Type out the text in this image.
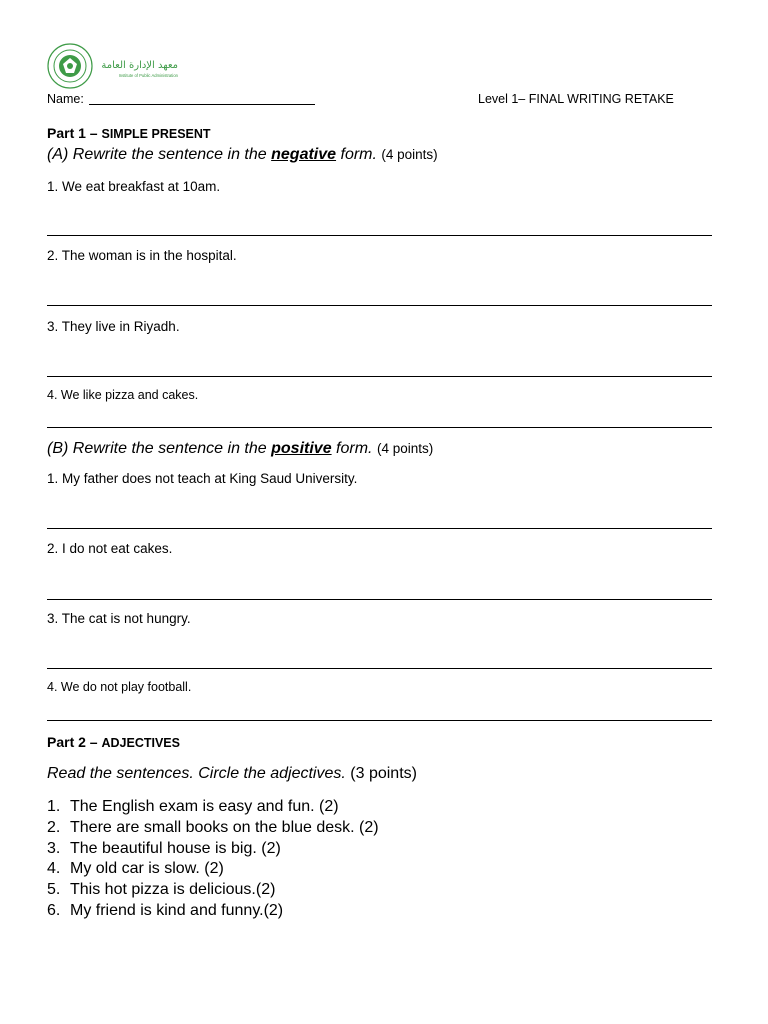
معهد الإدارة العامة
Institute of Public Administration
Name:	Level 1– FINAL WRITING RETAKE
Part 1 – SIMPLE PRESENT
(A) Rewrite the sentence in the negative form. (4 points)
1. We eat breakfast at 10am.
2. The woman is in the hospital.
3. They live in Riyadh.
4. We like pizza and cakes.
(B) Rewrite the sentence in the positive form. (4 points)
1. My father does not teach at King Saud University.
2. I do not eat cakes.
3. The cat is not hungry.
4. We do not play football.
Part 2 – ADJECTIVES
Read the sentences. Circle the adjectives. (3 points)
1. The English exam is easy and fun. (2)
2. There are small books on the blue desk. (2)
3. The beautiful house is big. (2)
4. My old car is slow. (2)
5. This hot pizza is delicious.(2)
6. My friend is kind and funny.(2)
